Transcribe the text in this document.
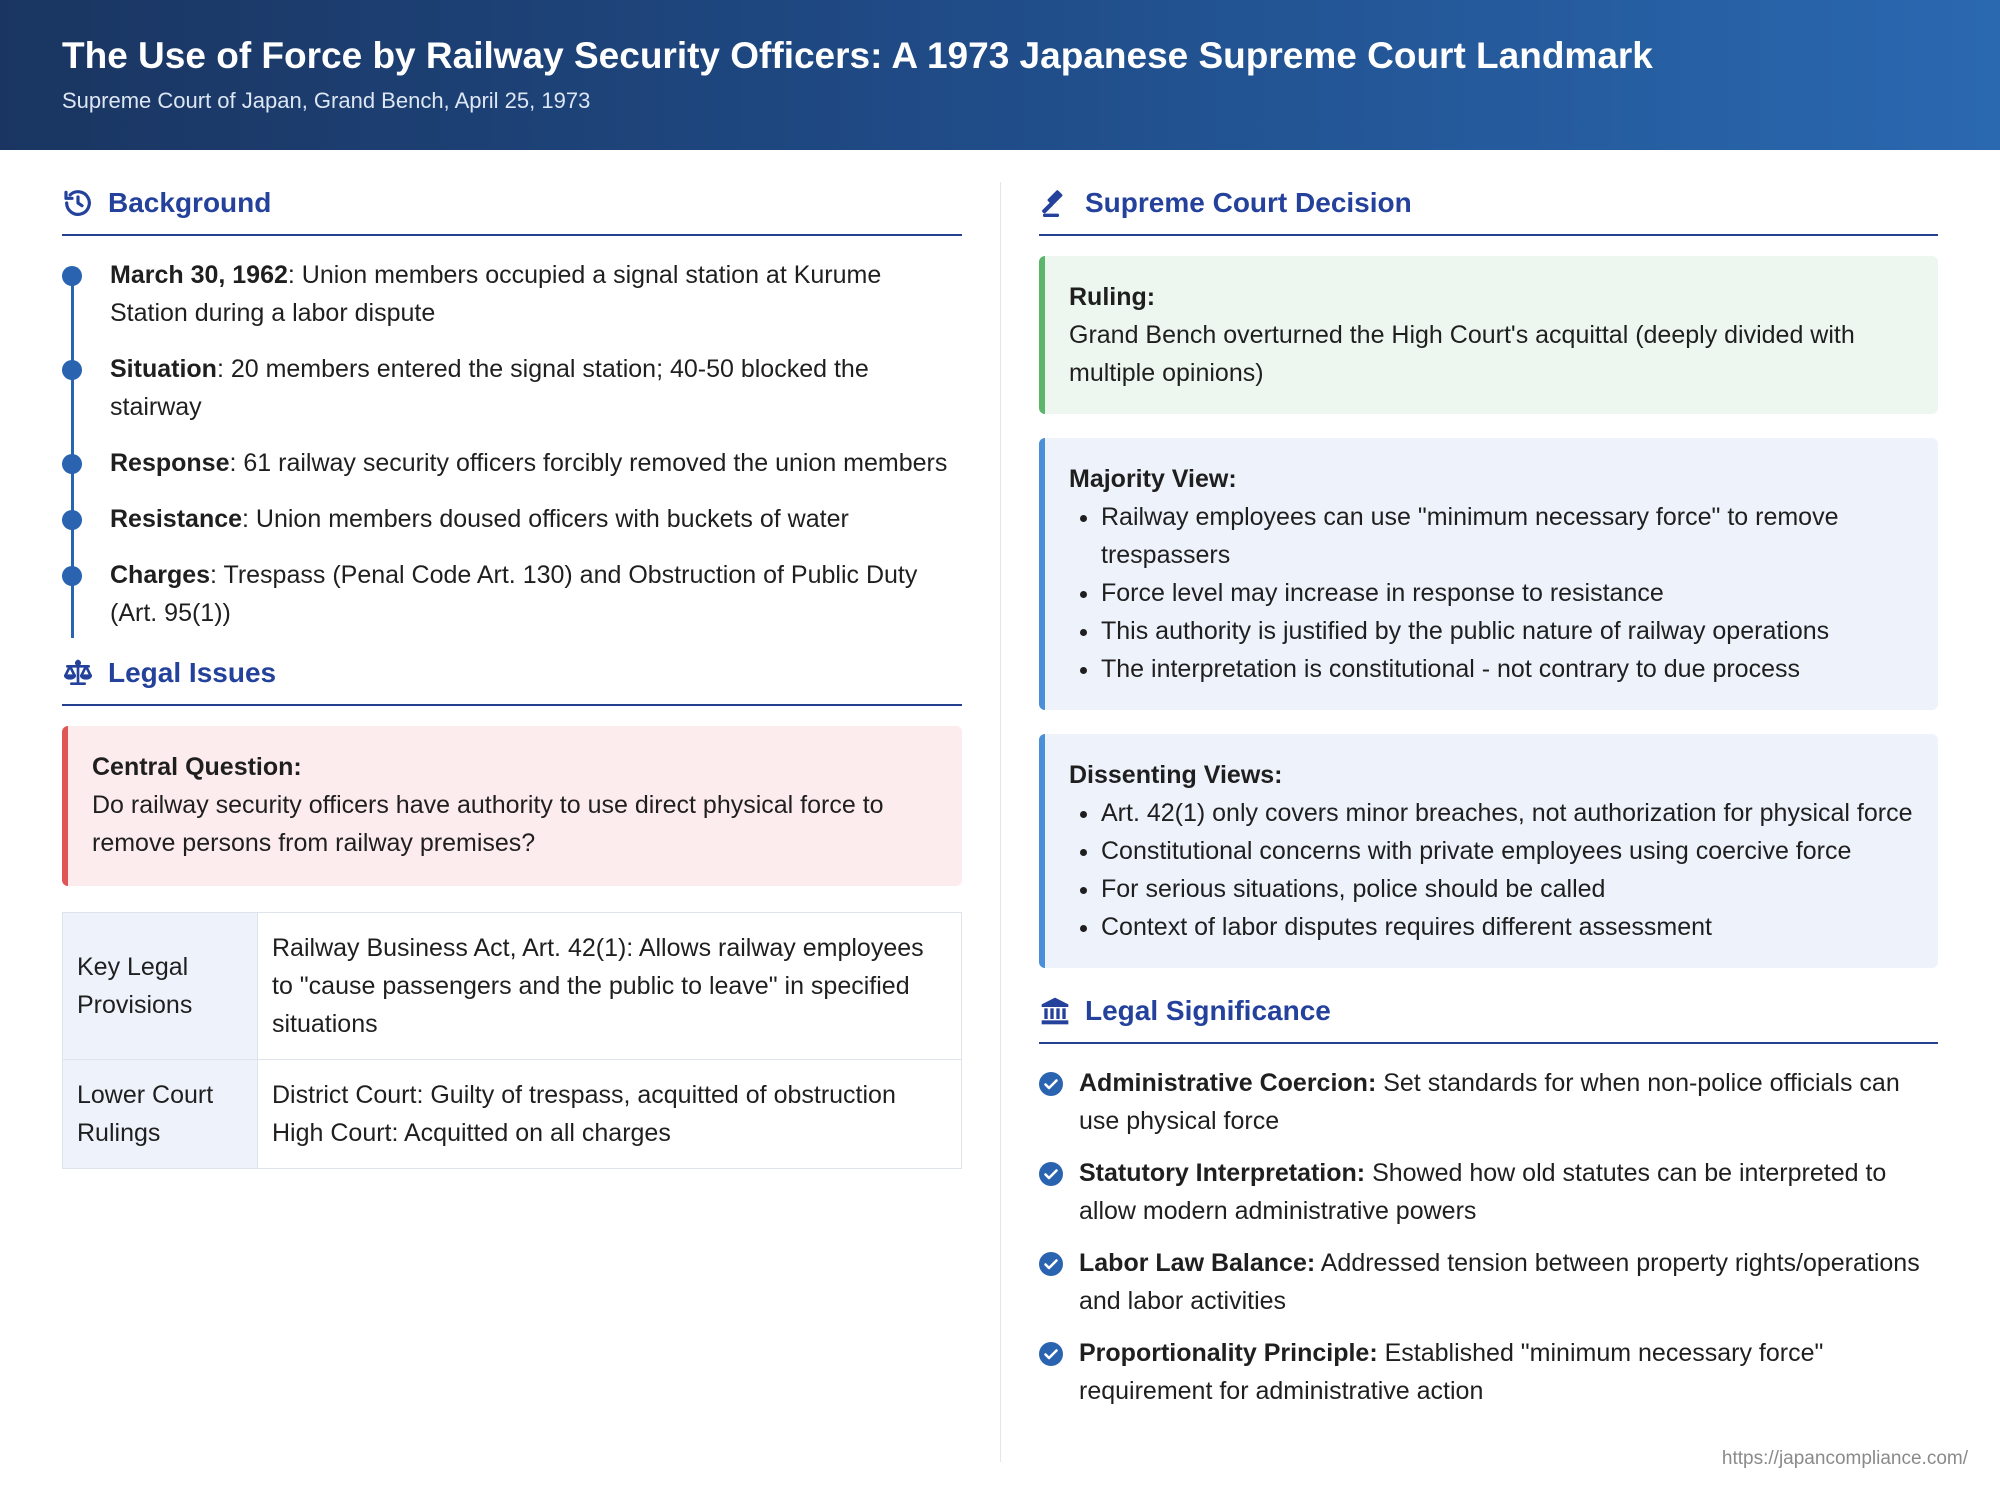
The Use of Force by Railway Security Officers: A 1973 Japanese Supreme Court Landmark
Supreme Court of Japan, Grand Bench, April 25, 1973
Background
March 30, 1962: Union members occupied a signal station at Kurume Station during a labor dispute
Situation: 20 members entered the signal station; 40-50 blocked the stairway
Response: 61 railway security officers forcibly removed the union members
Resistance: Union members doused officers with buckets of water
Charges: Trespass (Penal Code Art. 130) and Obstruction of Public Duty (Art. 95(1))
Legal Issues
Central Question:
Do railway security officers have authority to use direct physical force to remove persons from railway premises?
Key Legal Provisions	Railway Business Act, Art. 42(1): Allows railway employees to "cause passengers and the public to leave" in specified situations
Lower Court Rulings	District Court: Guilty of trespass, acquitted of obstruction
High Court: Acquitted on all charges
Supreme Court Decision
Ruling:
Grand Bench overturned the High Court's acquittal (deeply divided with multiple opinions)
Majority View:
• Railway employees can use "minimum necessary force" to remove trespassers
• Force level may increase in response to resistance
• This authority is justified by the public nature of railway operations
• The interpretation is constitutional - not contrary to due process
Dissenting Views:
• Art. 42(1) only covers minor breaches, not authorization for physical force
• Constitutional concerns with private employees using coercive force
• For serious situations, police should be called
• Context of labor disputes requires different assessment
Legal Significance
Administrative Coercion: Set standards for when non-police officials can use physical force
Statutory Interpretation: Showed how old statutes can be interpreted to allow modern administrative powers
Labor Law Balance: Addressed tension between property rights/operations and labor activities
Proportionality Principle: Established "minimum necessary force" requirement for administrative action
https://japancompliance.com/
